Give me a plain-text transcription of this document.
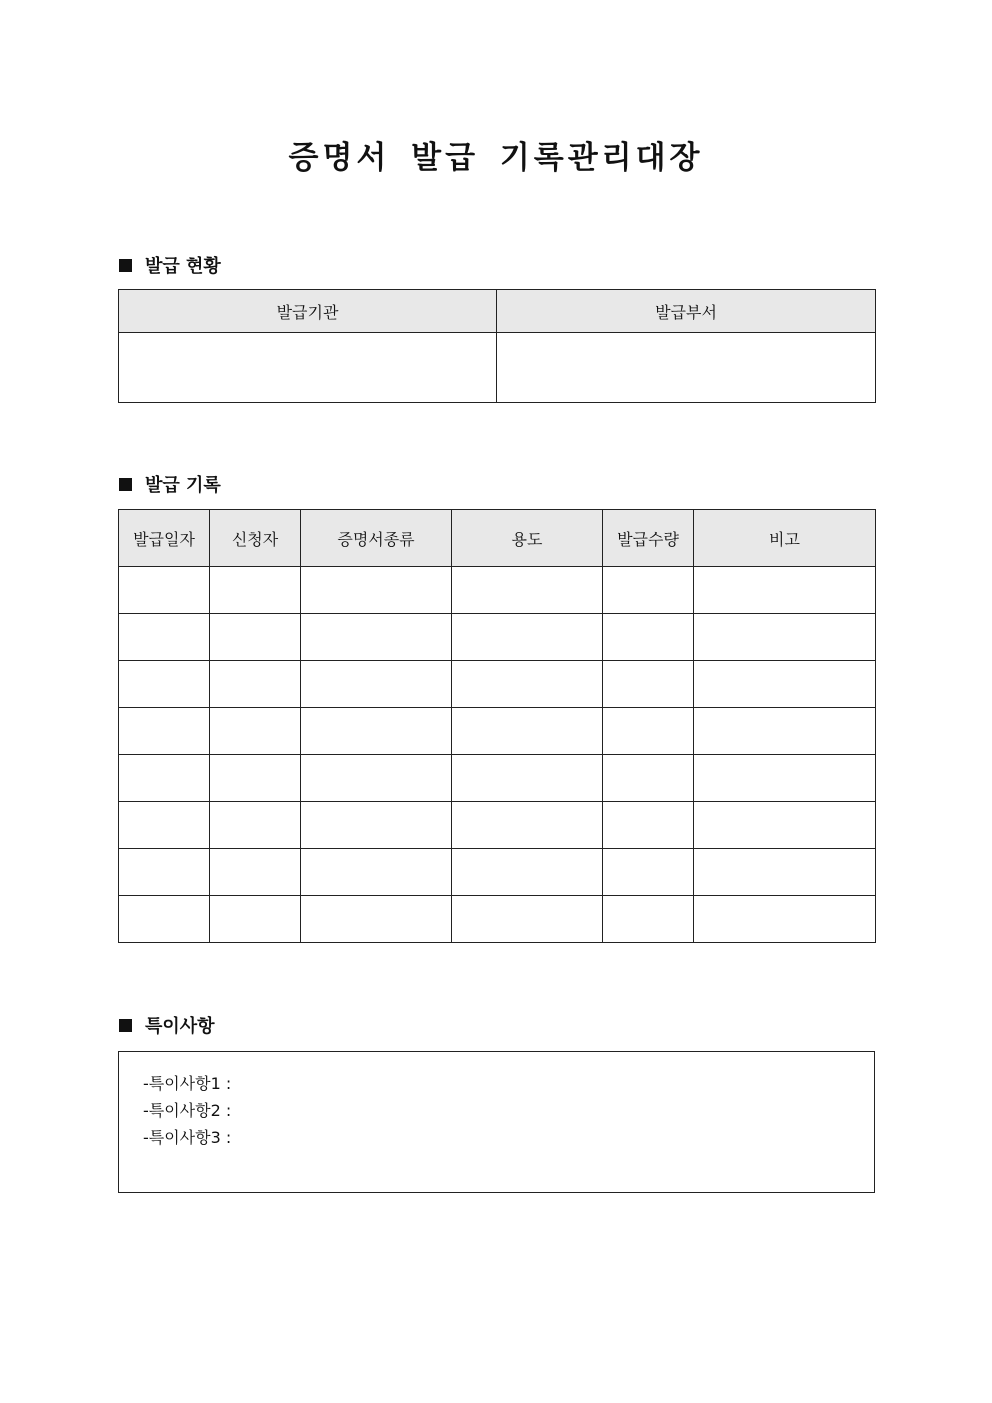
증명서 발급 기록관리대장
발급 현황
발급기관	발급부서

발급 기록
발급일자	신청자	증명서종류	용도	발급수량	비고

특이사항
-특이사항1 :
-특이사항2 :
-특이사항3 :
